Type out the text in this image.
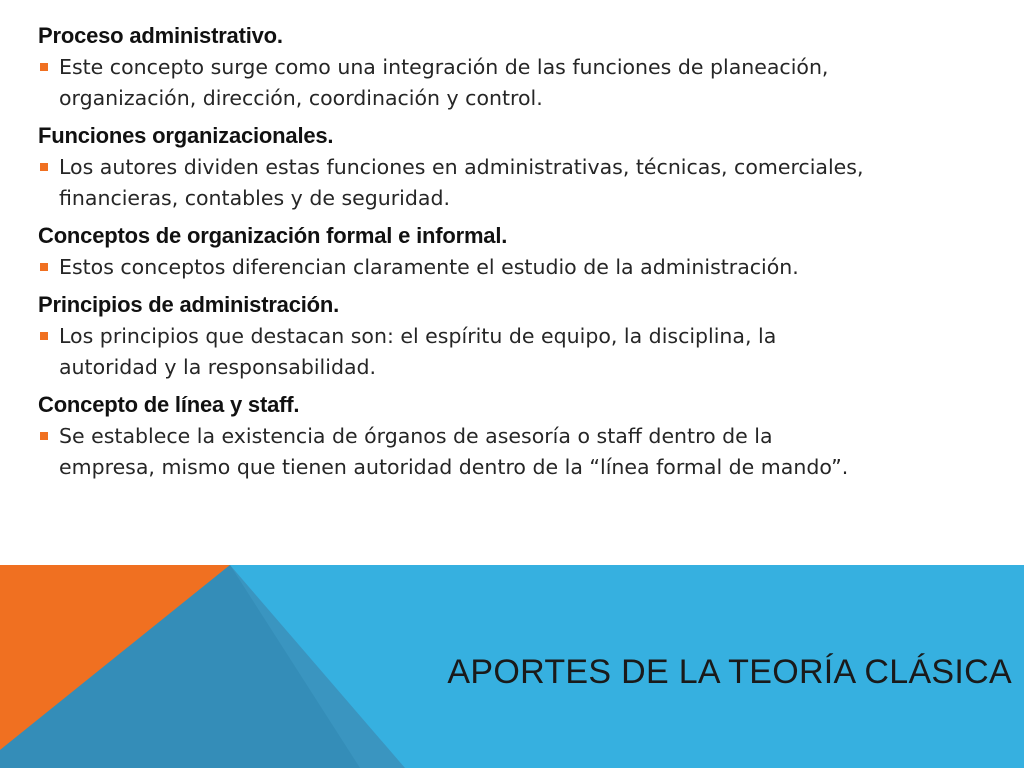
Proceso administrativo.
Este concepto surge como una integración de las funciones de planeación,
organización, dirección, coordinación y control.
Funciones organizacionales.
Los autores dividen estas funciones en administrativas, técnicas, comerciales,
financieras, contables y de seguridad.
Conceptos de organización formal e informal.
Estos conceptos diferencian claramente el estudio de la administración.
Principios de administración.
Los principios que destacan son: el espíritu de equipo, la disciplina, la
autoridad y la responsabilidad.
Concepto de línea y staff.
Se establece la existencia de órganos de asesoría o staff dentro de la
empresa, mismo que tienen autoridad dentro de la “línea formal de mando”.
APORTES DE LA TEORÍA CLÁSICA
